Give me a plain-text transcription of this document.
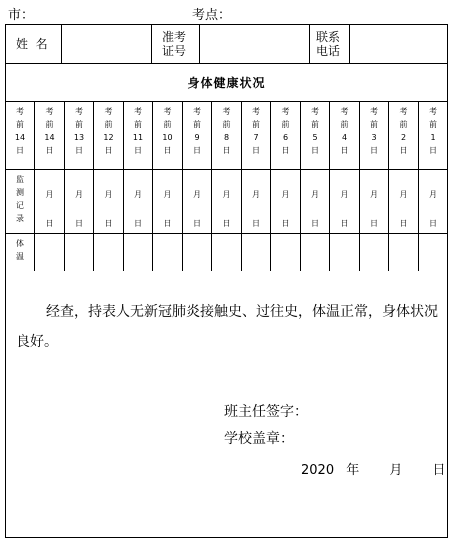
市：	考点：
姓  名	准考
证号
联系
电话
身体健康状况
考
前
14
日
监
测
记
录
体
温
考
前
14
日
月
日
考
前
13
日
月
日
考
前
12
日
月
日
考
前
11
日
月
日
考
前
10
日
月
日
考
前
9
日
月
日
考
前
8
日
月
日
考
前
7
日
月
日
考
前
6
日
月
日
考
前
5
日
月
日
考
前
4
日
月
日
考
前
3
日
月
日
考
前
2
日
月
日
考
前
1
日
月
日
经查，持表人无新冠肺炎接触史、过往史，体温正常，身体状况良好。
班主任签字：
学校盖章：
2020 年 月 日
